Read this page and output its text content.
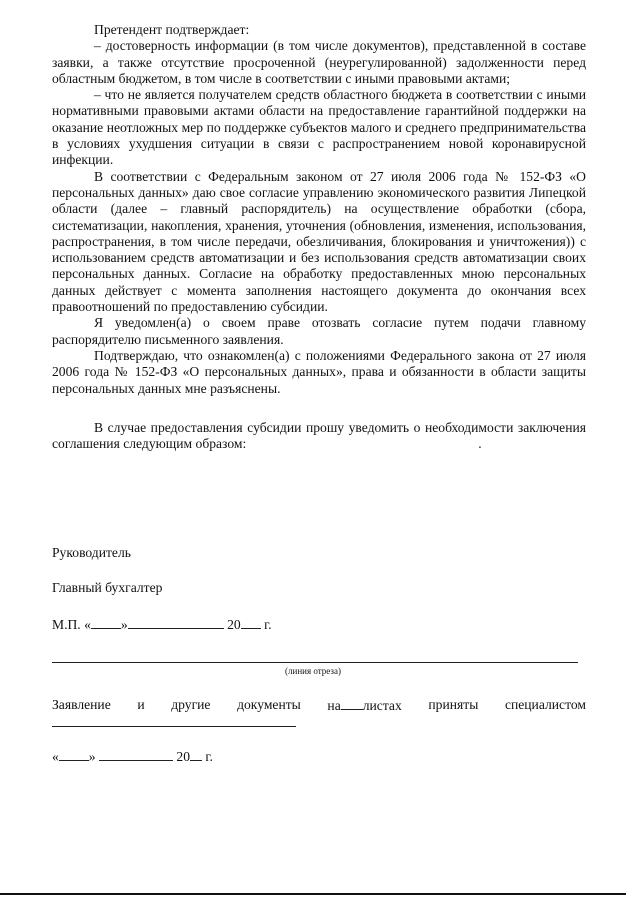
Претендент подтверждает:

– достоверность информации (в том числе документов), представленной в составе заявки, а также отсутствие просроченной (неурегулированной) задолженности перед областным бюджетом, в том числе в соответствии с иными правовыми актами;

– что не является получателем средств областного бюджета в соответствии с иными нормативными правовыми актами области на предоставление гарантийной поддержки на оказание неотложных мер по поддержке субъектов малого и среднего предпринимательства в условиях ухудшения ситуации в связи с распространением новой коронавирусной инфекции.

В соответствии с Федеральным законом от 27 июля 2006 года № 152-ФЗ «О персональных данных» даю свое согласие управлению экономического развития Липецкой области (далее – главный распорядитель) на осуществление обработки (сбора, систематизации, накопления, хранения, уточнения (обновления, изменения, использования, распространения, в том числе передачи, обезличивания, блокирования и уничтожения)) с использованием средств автоматизации и без использования средств автоматизации своих персональных данных. Согласие на обработку предоставленных мною персональных данных действует с момента заполнения настоящего документа до окончания всех правоотношений по предоставлению субсидии.

Я уведомлен(а) о своем праве отозвать согласие путем подачи главному распорядителю письменного заявления.

Подтверждаю, что ознакомлен(а) с положениями Федерального закона от 27 июля 2006 года № 152-ФЗ «О персональных данных», права и обязанности в области защиты персональных данных мне разъяснены.

В случае предоставления субсидии прошу уведомить о необходимости заключения соглашения следующим образом:	.

Руководитель
Главный бухгалтер
М.П. « »	20 г.
(линия отреза)
Заявление и другие документы на листах приняты специалистом
« »	20 г.
